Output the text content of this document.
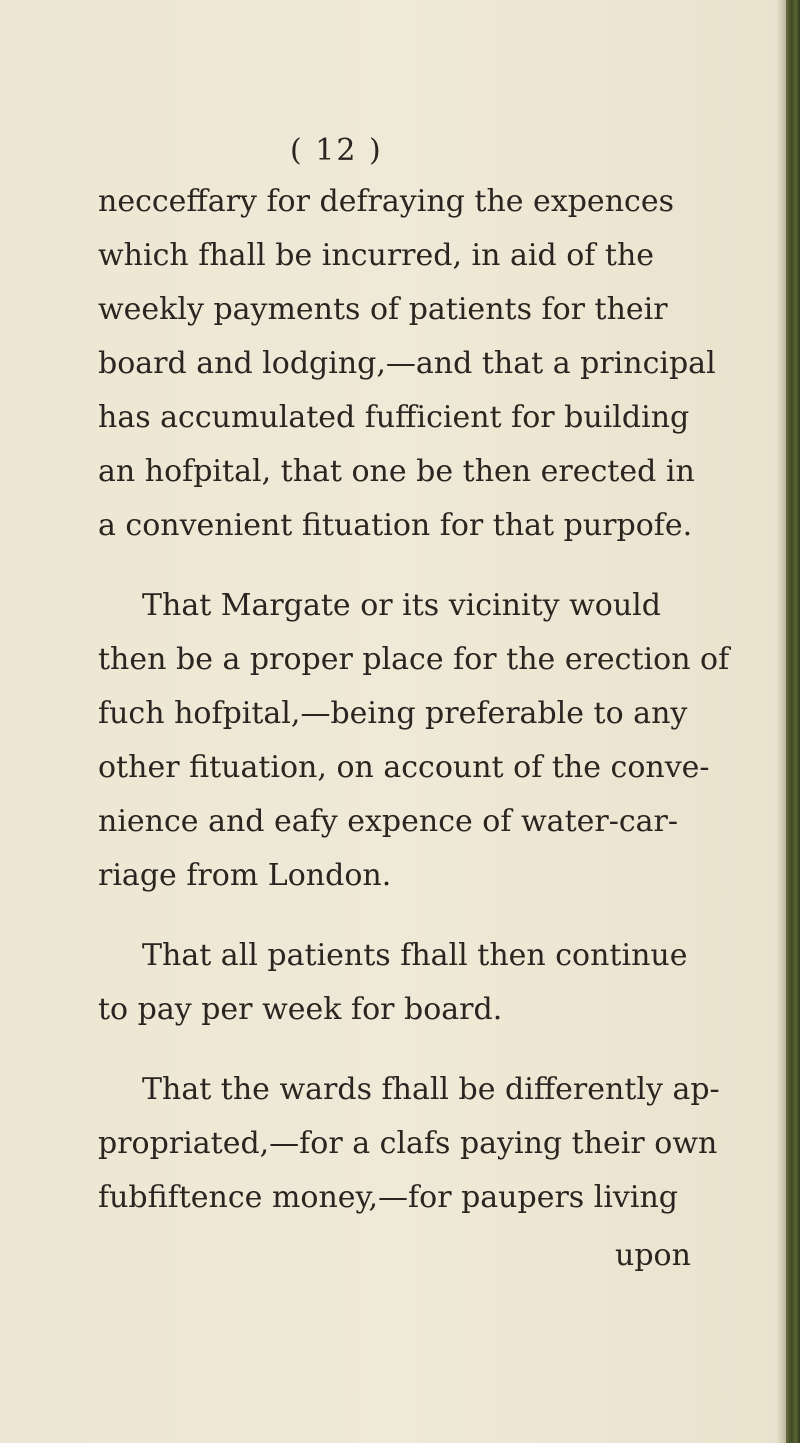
( 12 )
necceffary for defraying the expences
which fhall be incurred, in aid of the
weekly payments of patients for their
board and lodging,—and that a principal
has accumulated fufficient for building
an hofpital, that one be then erected in
a convenient fituation for that purpofe.
That Margate or its vicinity would
then be a proper place for the erection of
fuch hofpital,—being preferable to any
other fituation, on account of the conve-
nience and eafy expence of water-car-
riage from London.
That all patients fhall then continue
to pay per week for board.
That the wards fhall be differently ap-
propriated,—for a clafs paying their own
fubfiftence money,—for paupers living
upon
